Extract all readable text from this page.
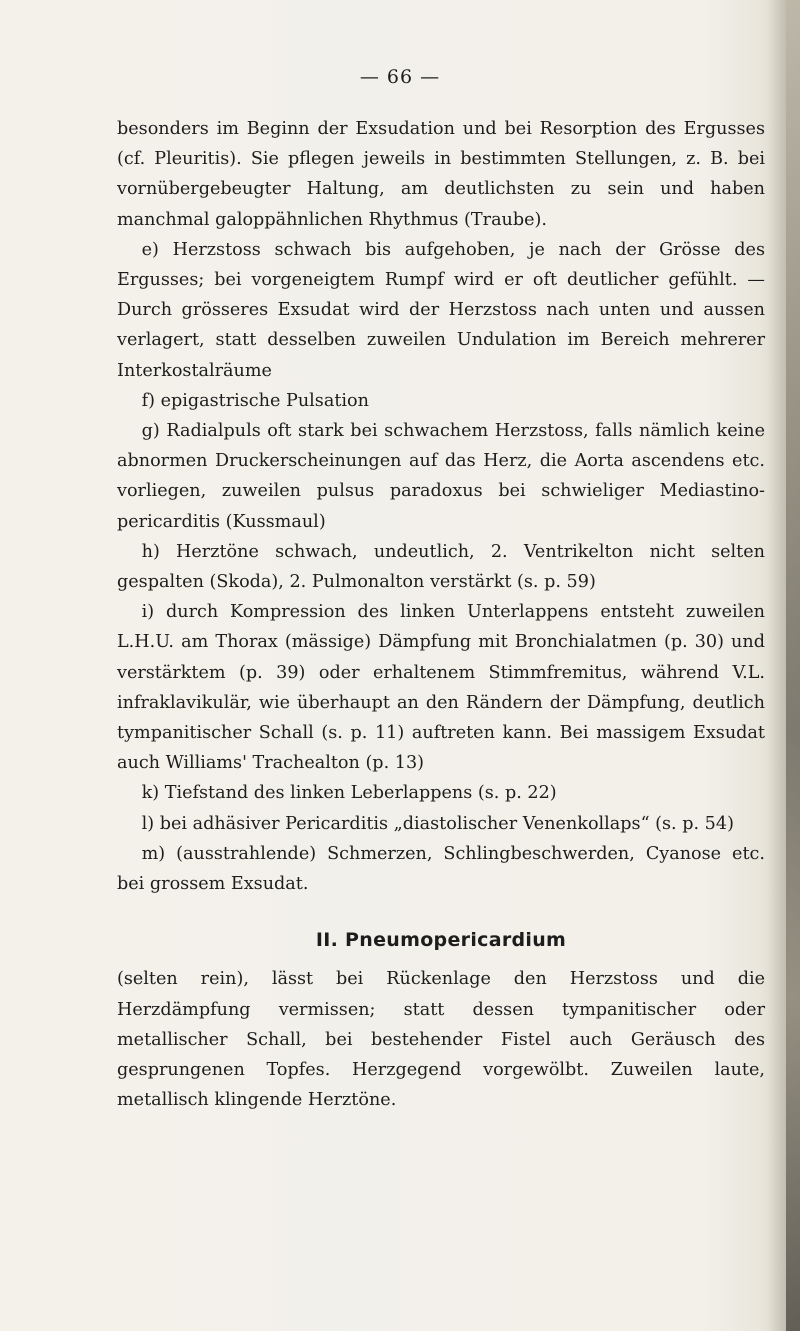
— 66 —

besonders im Beginn der Exsudation und bei Resorption des Ergusses (cf. Pleuritis). Sie pflegen jeweils in bestimmten Stellungen, z. B. bei vornübergebeugter Haltung, am deutlichsten zu sein und haben manchmal galoppähnlichen Rhythmus (Traube).

e) Herzstoss schwach bis aufgehoben, je nach der Grösse des Ergusses; bei vorgeneigtem Rumpf wird er oft deutlicher gefühlt. — Durch grösseres Exsudat wird der Herzstoss nach unten und aussen verlagert, statt desselben zuweilen Undulation im Bereich mehrerer Interkostalräume

f) epigastrische Pulsation

g) Radialpuls oft stark bei schwachem Herzstoss, falls nämlich keine abnormen Druckerscheinungen auf das Herz, die Aorta ascendens etc. vorliegen, zuweilen pulsus paradoxus bei schwieliger Mediastino-pericarditis (Kussmaul)

h) Herztöne schwach, undeutlich, 2. Ventrikelton nicht selten gespalten (Skoda), 2. Pulmonalton verstärkt (s. p. 59)

i) durch Kompression des linken Unterlappens entsteht zuweilen L.H.U. am Thorax (mässige) Dämpfung mit Bronchialatmen (p. 30) und verstärktem (p. 39) oder erhaltenem Stimmfremitus, während V.L. infraklavikulär, wie überhaupt an den Rändern der Dämpfung, deutlich tympanitischer Schall (s. p. 11) auftreten kann. Bei massigem Exsudat auch Williams' Trachealton (p. 13)

k) Tiefstand des linken Leberlappens (s. p. 22)

l) bei adhäsiver Pericarditis „diastolischer Venenkollaps“ (s. p. 54)

m) (ausstrahlende) Schmerzen, Schlingbeschwerden, Cyanose etc. bei grossem Exsudat.

II. Pneumopericardium

(selten rein), lässt bei Rückenlage den Herzstoss und die Herzdämpfung vermissen; statt dessen tympanitischer oder metallischer Schall, bei bestehender Fistel auch Geräusch des gesprungenen Topfes. Herzgegend vorgewölbt. Zuweilen laute, metallisch klingende Herztöne.
